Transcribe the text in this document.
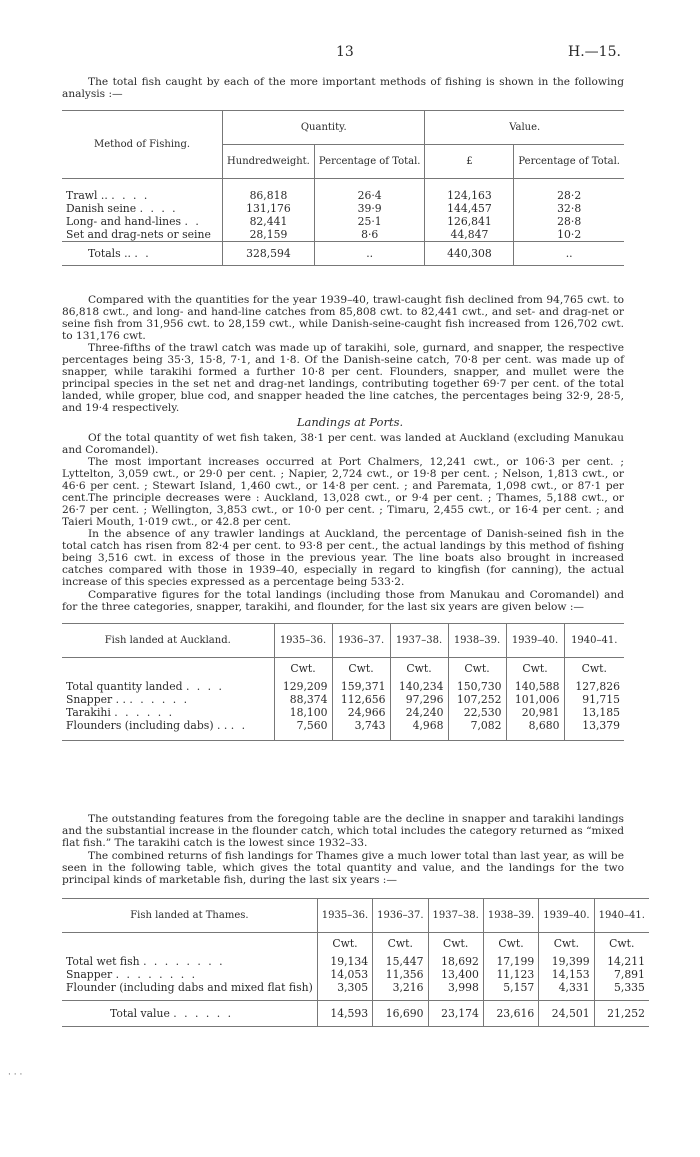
13	H.—15.

The total fish caught by each of the more important methods of fishing is shown in the following analysis :—

Method of Fishing.	Quantity.		Value.	
	Hundredweight.	Percentage of Total.	£	Percentage of Total.

Trawl .. . . . .	86,818	26·4	124,163	28·2
Danish seine . . . .	131,176	39·9	144,457	32·8
Long- and hand-lines . .	82,441	25·1	126,841	28·8
Set and drag-nets or seine	28,159	8·6	44,847	10·2
Totals .. . .	328,594	..	440,308	..

Compared with the quantities for the year 1939–40, trawl-caught fish declined from 94,765 cwt. to 86,818 cwt., and long- and hand-line catches from 85,808 cwt. to 82,441 cwt., and set- and drag-net or seine fish from 31,956 cwt. to 28,159 cwt., while Danish-seine-caught fish increased from 126,702 cwt. to 131,176 cwt.

Three-fifths of the trawl catch was made up of tarakihi, sole, gurnard, and snapper, the respective percentages being 35·3, 15·8, 7·1, and 1·8. Of the Danish-seine catch, 70·8 per cent. was made up of snapper, while tarakihi formed a further 10·8 per cent. Flounders, snapper, and mullet were the principal species in the set net and drag-net landings, contributing together 69·7 per cent. of the total landed, while groper, blue cod, and snapper headed the line catches, the percentages being 32·9, 28·5, and 19·4 respectively.

Landings at Ports.

Of the total quantity of wet fish taken, 38·1 per cent. was landed at Auckland (excluding Manukau and Coromandel).

The most important increases occurred at Port Chalmers, 12,241 cwt., or 106·3 per cent. ; Lyttelton, 3,059 cwt., or 29·0 per cent. ; Napier, 2,724 cwt., or 19·8 per cent. ; Nelson, 1,813 cwt., or 46·6 per cent. ; Stewart Island, 1,460 cwt., or 14·8 per cent. ; and Paremata, 1,098 cwt., or 87·1 per cent. The principle decreases were : Auckland, 13,028 cwt., or 9·4 per cent. ; Thames, 5,188 cwt., or 26·7 per cent. ; Wellington, 3,853 cwt., or 10·0 per cent. ; Timaru, 2,455 cwt., or 16·4 per cent. ; and Taieri Mouth, 1·019 cwt., or 42.8 per cent.

In the absence of any trawler landings at Auckland, the percentage of Danish-seined fish in the total catch has risen from 82·4 per cent. to 93·8 per cent., the actual landings by this method of fishing being 3,516 cwt. in excess of those in the previous year. The line boats also brought in increased catches compared with those in 1939–40, especially in regard to kingfish (for canning), the actual increase of this species expressed as a percentage being 533·2.

Comparative figures for the total landings (including those from Manukau and Coromandel) and for the three categories, snapper, tarakihi, and flounder, for the last six years are given below :—

Fish landed at Auckland.	1935–36.	1936–37.	1937–38.	1938–39.	1939–40.	1940–41.
	Cwt.	Cwt.	Cwt.	Cwt.	Cwt.	Cwt.
Total quantity landed . . . .	129,209	159,371	140,234	150,730	140,588	127,826
Snapper . . . . . . . .	88,374	112,656	97,296	107,252	101,006	91,715
Tarakihi . . . . . .	18,100	24,966	24,240	22,530	20,981	13,185
Flounders (including dabs) . . . .	7,560	3,743	4,968	7,082	8,680	13,379

The outstanding features from the foregoing table are the decline in snapper and tarakihi landings and the substantial increase in the flounder catch, which total includes the category returned as “mixed flat fish.” The tarakihi catch is the lowest since 1932–33.

The combined returns of fish landings for Thames give a much lower total than last year, as will be seen in the following table, which gives the total quantity and value, and the landings for the two principal kinds of marketable fish, during the last six years :—

Fish landed at Thames.	1935–36.	1936–37.	1937–38.	1938–39.	1939–40.	1940–41.
	Cwt.	Cwt.	Cwt.	Cwt.	Cwt.	Cwt.
Total wet fish . . . . . . . .	19,134	15,447	18,692	17,199	19,399	14,211
Snapper . . . . . . . .	14,053	11,356	13,400	11,123	14,153	7,891
Flounder (including dabs and mixed flat fish)	3,305	3,216	3,998	5,157	4,331	5,335
Total value . . . . . .	14,593	16,690	23,174	23,616	24,501	21,252
· · ·
